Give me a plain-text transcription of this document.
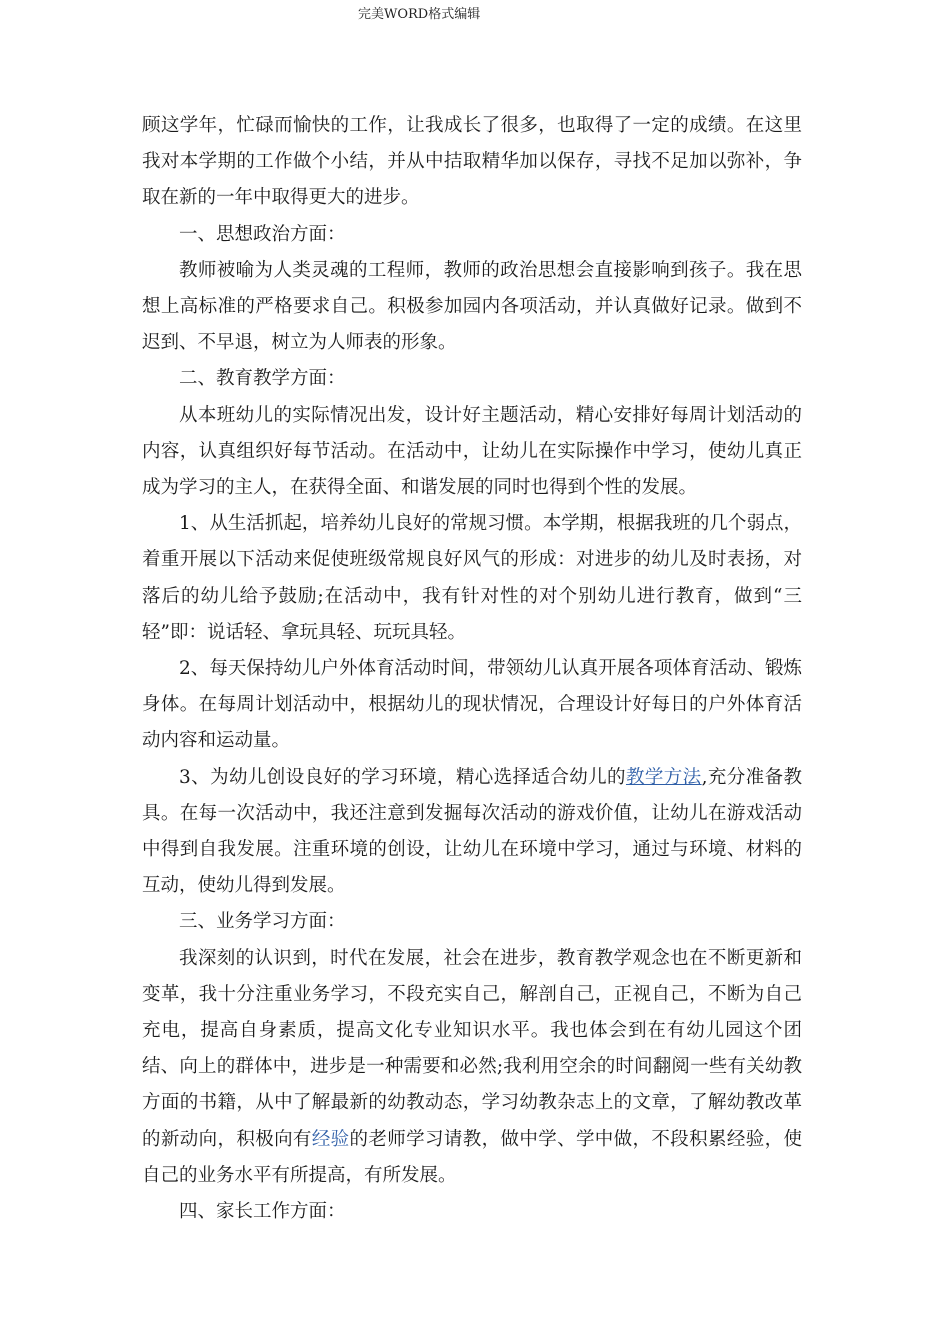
完美WORD格式编辑

顾这学年，忙碌而愉快的工作，让我成长了很多，也取得了一定的成绩。在这里我对本学期的工作做个小结，并从中拮取精华加以保存，寻找不足加以弥补，争取在新的一年中取得更大的进步。

一、思想政治方面：

教师被喻为人类灵魂的工程师，教师的政治思想会直接影响到孩子。我在思想上高标准的严格要求自己。积极参加园内各项活动，并认真做好记录。做到不迟到、不早退，树立为人师表的形象。

二、教育教学方面：

从本班幼儿的实际情况出发，设计好主题活动，精心安排好每周计划活动的内容，认真组织好每节活动。在活动中，让幼儿在实际操作中学习，使幼儿真正成为学习的主人，在获得全面、和谐发展的同时也得到个性的发展。

1、从生活抓起，培养幼儿良好的常规习惯。本学期，根据我班的几个弱点，着重开展以下活动来促使班级常规良好风气的形成：对进步的幼儿及时表扬，对落后的幼儿给予鼓励;在活动中，我有针对性的对个别幼儿进行教育，做到“三轻”即：说话轻、拿玩具轻、玩玩具轻。

2、每天保持幼儿户外体育活动时间，带领幼儿认真开展各项体育活动、锻炼身体。在每周计划活动中，根据幼儿的现状情况，合理设计好每日的户外体育活动内容和运动量。

3、为幼儿创设良好的学习环境，精心选择适合幼儿的教学方法,充分准备教具。在每一次活动中，我还注意到发掘每次活动的游戏价值，让幼儿在游戏活动中得到自我发展。注重环境的创设，让幼儿在环境中学习，通过与环境、材料的互动，使幼儿得到发展。

三、业务学习方面：

我深刻的认识到，时代在发展，社会在进步，教育教学观念也在不断更新和变革，我十分注重业务学习，不段充实自己，解剖自己，正视自己，不断为自己充电，提高自身素质，提高文化专业知识水平。我也体会到在有幼儿园这个团结、向上的群体中，进步是一种需要和必然;我利用空余的时间翻阅一些有关幼教方面的书籍，从中了解最新的幼教动态，学习幼教杂志上的文章，了解幼教改革的新动向，积极向有经验的老师学习请教，做中学、学中做，不段积累经验，使自己的业务水平有所提高，有所发展。

四、家长工作方面：
